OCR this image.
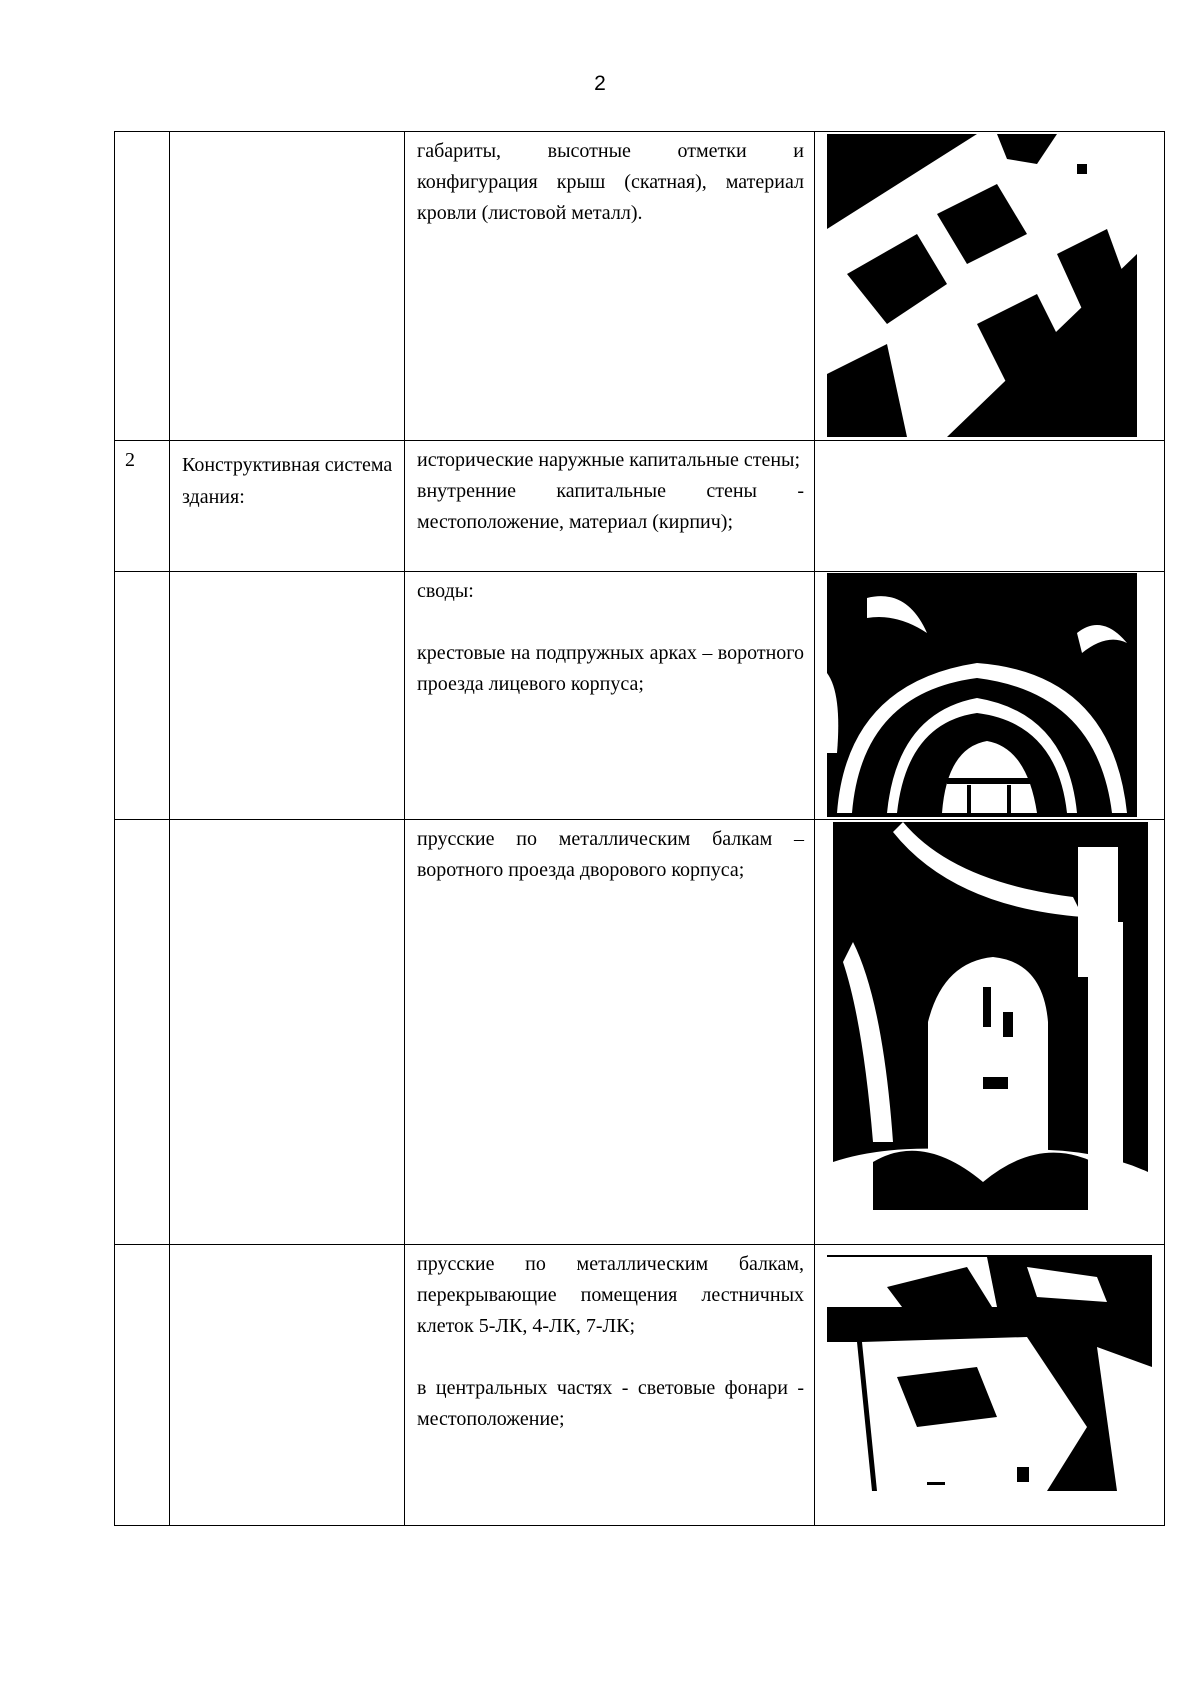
2

		габариты, высотные отметки и конфигурация крыш (скатная), материал кровли (листовой металл).

2	Конструктивная система здания:	исторические наружные капитальные стены;

внутренние капитальные стены - местоположение, материал (кирпич);	

		своды:

крестовые на подпружных арках – воротного проезда лицевого корпуса;

		прусские по металлическим балкам – воротного проезда дворового корпуса;

		прусские по металлическим балкам, перекрывающие помещения лестничных клеток 5-ЛК, 4-ЛК, 7-ЛК;

в центральных частях - световые фонари - местоположение;
